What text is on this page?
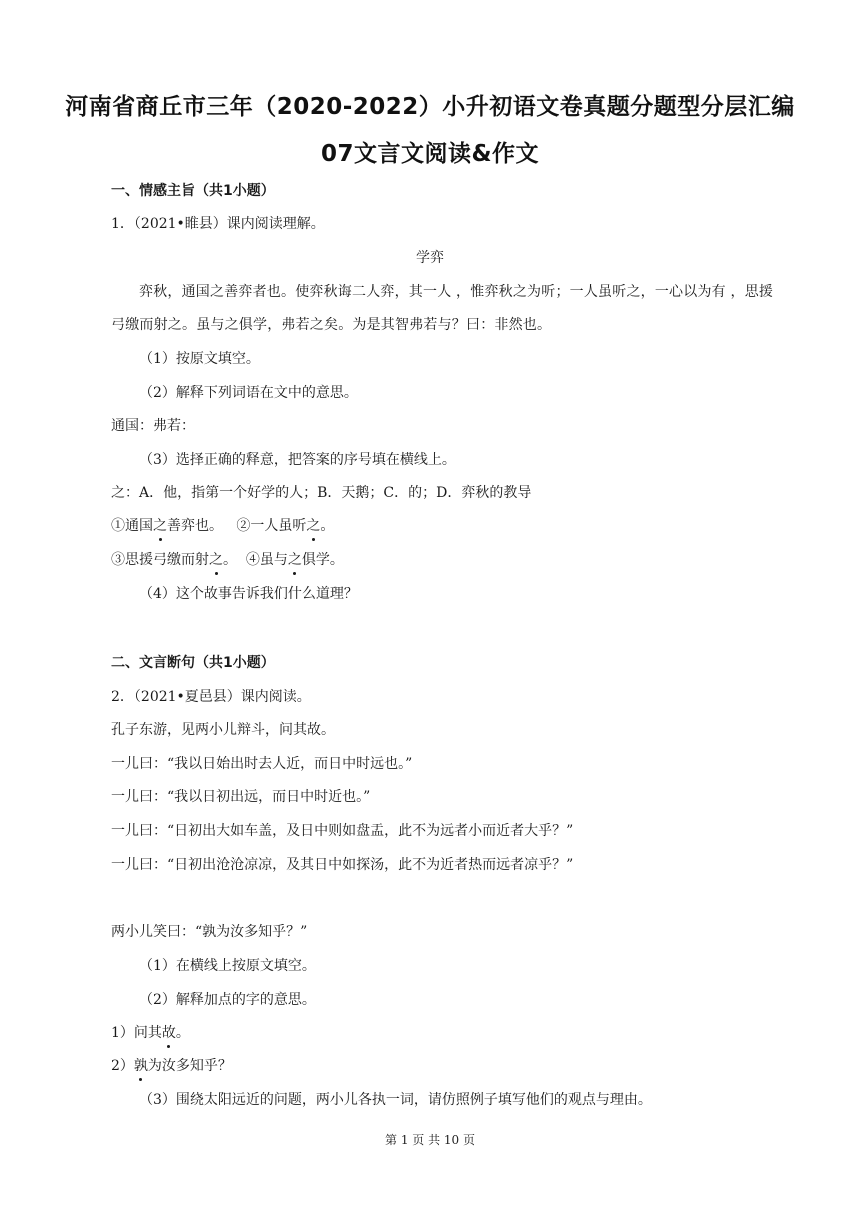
河南省商丘市三年（2020-2022）小升初语文卷真题分题型分层汇编
07文言文阅读&作文
一、情感主旨（共1小题）
1．（2021•睢县）课内阅读理解。
学弈
弈秋，通国之善弈者也。使弈秋诲二人弈，其一人 ，惟弈秋之为听；一人虽听之，一心以为有 ，思援弓缴而射之。虽与之俱学，弗若之矣。为是其智弗若与？曰：非然也。
（1）按原文填空。
（2）解释下列词语在文中的意思。
通国：弗若：
（3）选择正确的释意，把答案的序号填在横线上。
之：A．他，指第一个好学的人；B．天鹅；C．的；D．弈秋的教导
①通国之善弈也。 ②一人虽听之。
③思援弓缴而射之。 ④虽与之俱学。
（4）这个故事告诉我们什么道理？
二、文言断句（共1小题）
2．（2021•夏邑县）课内阅读。
孔子东游，见两小儿辩斗，问其故。
一儿曰：“我以日始出时去人近，而日中时远也。”
一儿曰：“我以日初出远，而日中时近也。”
一儿曰：“日初出大如车盖，及日中则如盘盂，此不为远者小而近者大乎？”
一儿曰：“日初出沧沧凉凉，及其日中如探汤，此不为近者热而远者凉乎？”
两小儿笑曰：“孰为汝多知乎？”
（1）在横线上按原文填空。
（2）解释加点的字的意思。
1）问其故。
2）孰为汝多知乎？
（3）围绕太阳远近的问题，两小儿各执一词，请仿照例子填写他们的观点与理由。
第 1 页 共 10 页
